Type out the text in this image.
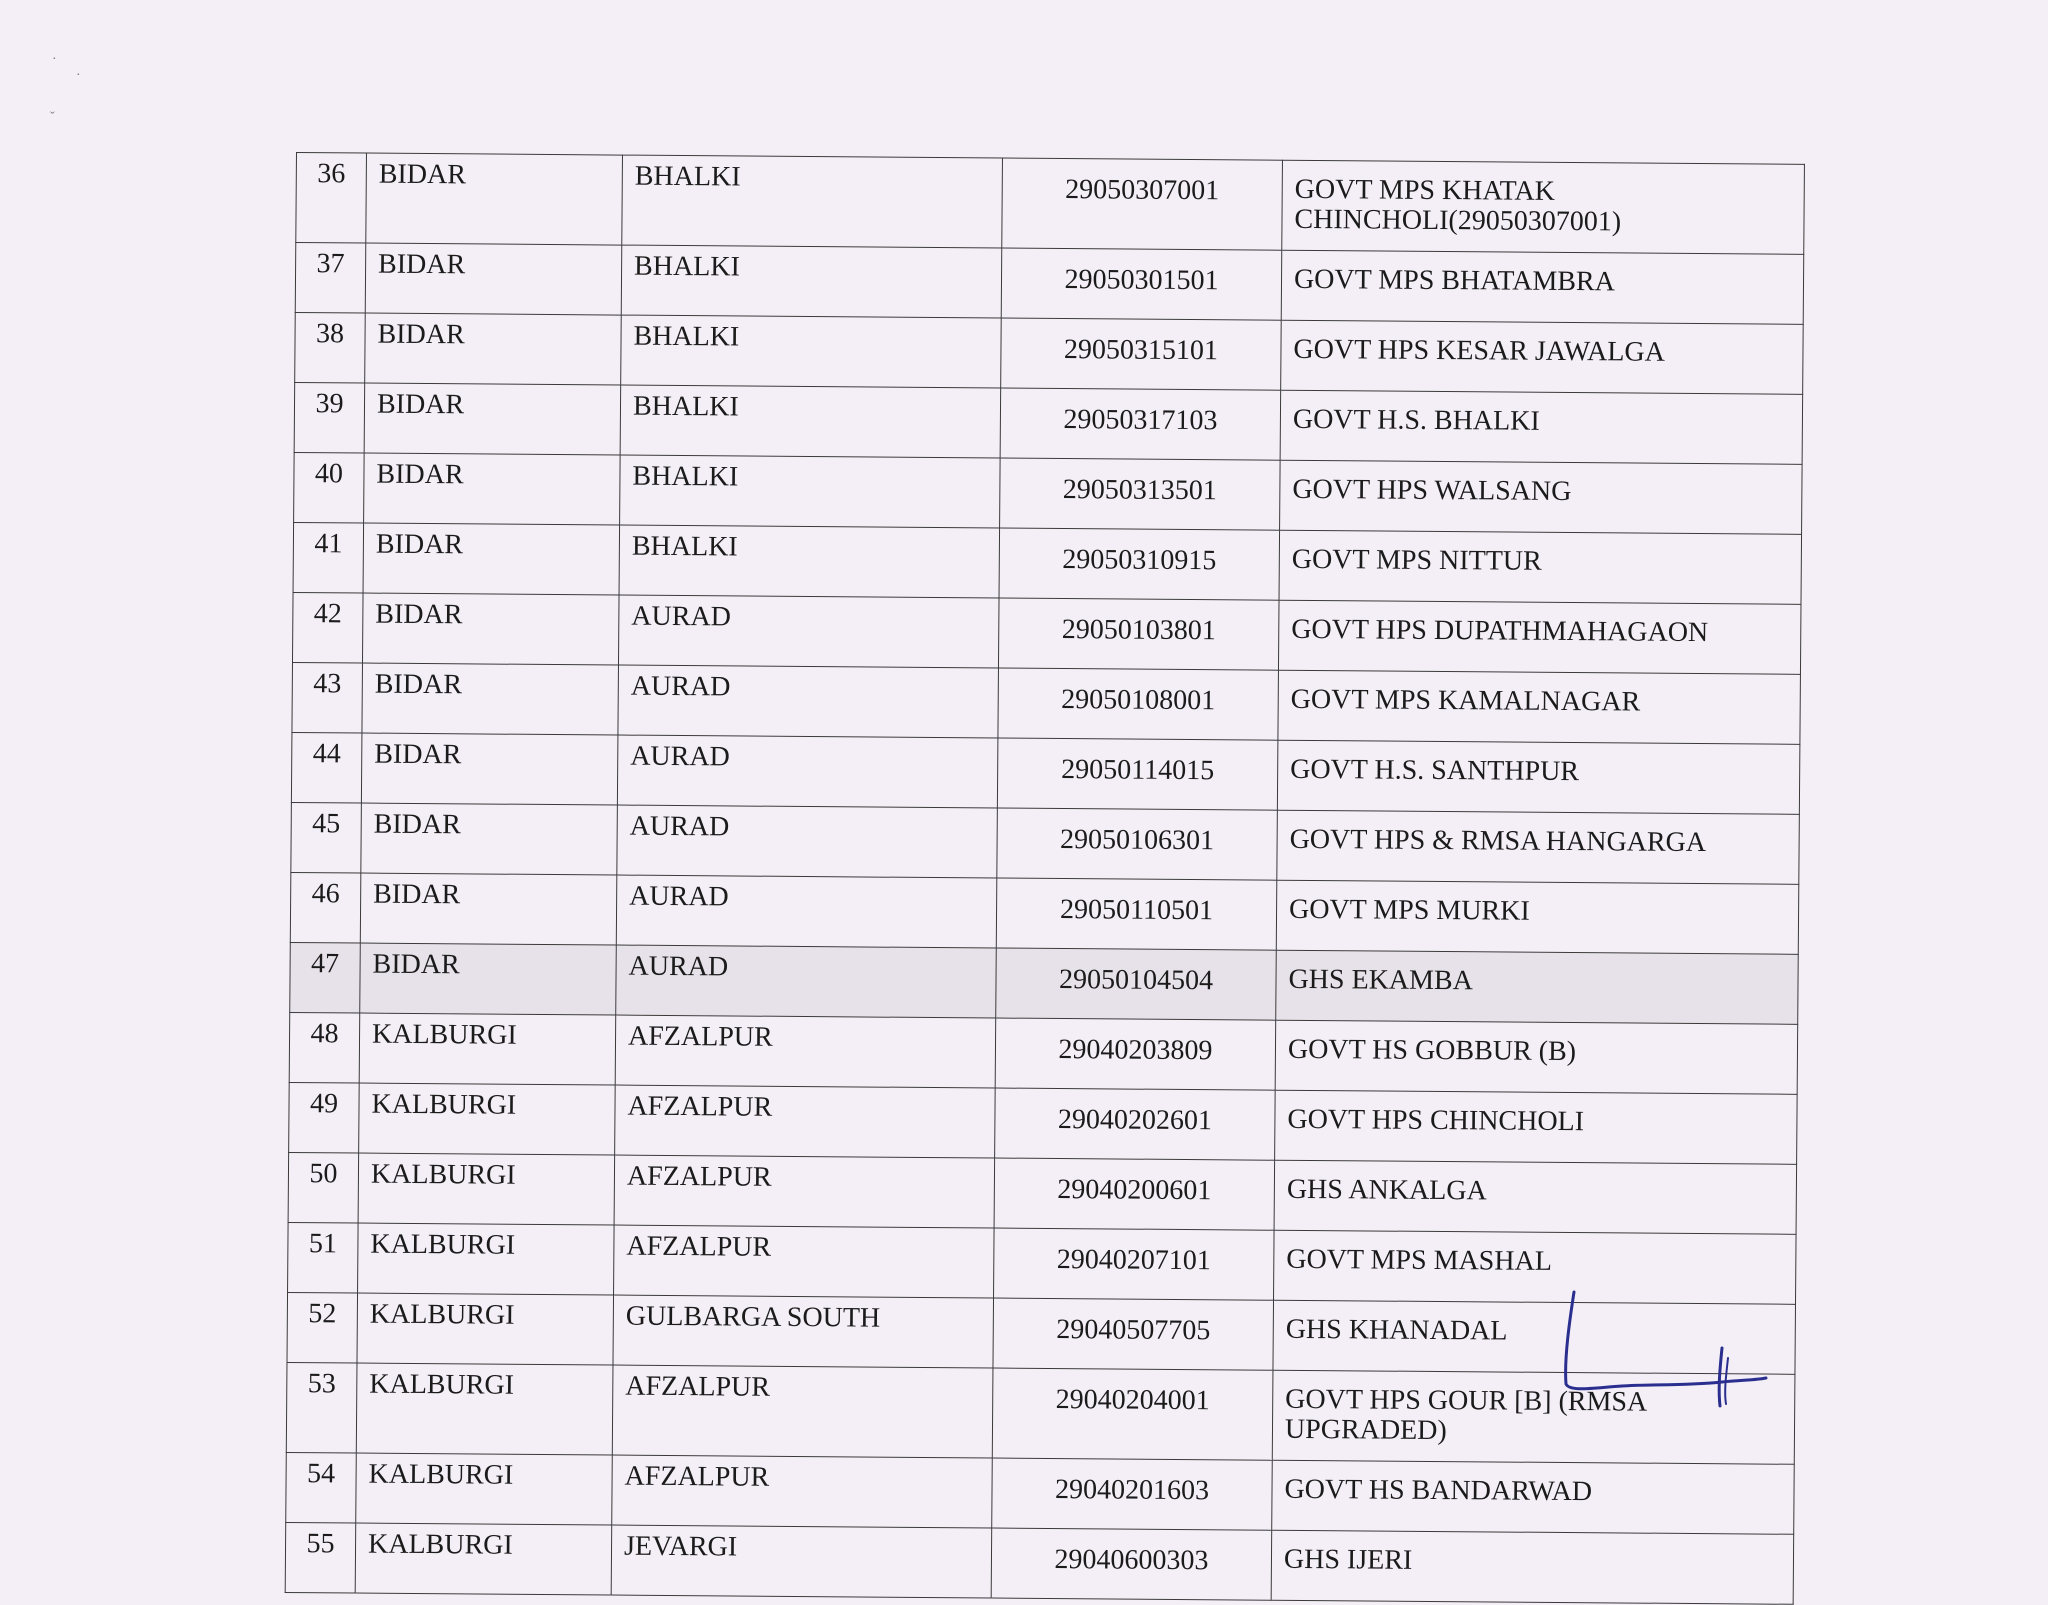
·
·
ˇ
36	BIDAR	BHALKI	29050307001	GOVT MPS KHATAK CHINCHOLI(29050307001)
37	BIDAR	BHALKI	29050301501	GOVT MPS BHATAMBRA
38	BIDAR	BHALKI	29050315101	GOVT HPS KESAR JAWALGA
39	BIDAR	BHALKI	29050317103	GOVT H.S. BHALKI
40	BIDAR	BHALKI	29050313501	GOVT HPS WALSANG
41	BIDAR	BHALKI	29050310915	GOVT MPS NITTUR
42	BIDAR	AURAD	29050103801	GOVT HPS DUPATHMAHAGAON
43	BIDAR	AURAD	29050108001	GOVT MPS KAMALNAGAR
44	BIDAR	AURAD	29050114015	GOVT H.S. SANTHPUR
45	BIDAR	AURAD	29050106301	GOVT HPS & RMSA HANGARGA
46	BIDAR	AURAD	29050110501	GOVT MPS MURKI
47	BIDAR	AURAD	29050104504	GHS EKAMBA
48	KALBURGI	AFZALPUR	29040203809	GOVT HS GOBBUR (B)
49	KALBURGI	AFZALPUR	29040202601	GOVT HPS CHINCHOLI
50	KALBURGI	AFZALPUR	29040200601	GHS ANKALGA
51	KALBURGI	AFZALPUR	29040207101	GOVT MPS MASHAL
52	KALBURGI	GULBARGA SOUTH	29040507705	GHS KHANADAL
53	KALBURGI	AFZALPUR	29040204001	GOVT HPS GOUR [B] (RMSA UPGRADED)
54	KALBURGI	AFZALPUR	29040201603	GOVT HS BANDARWAD
55	KALBURGI	JEVARGI	29040600303	GHS IJERI
